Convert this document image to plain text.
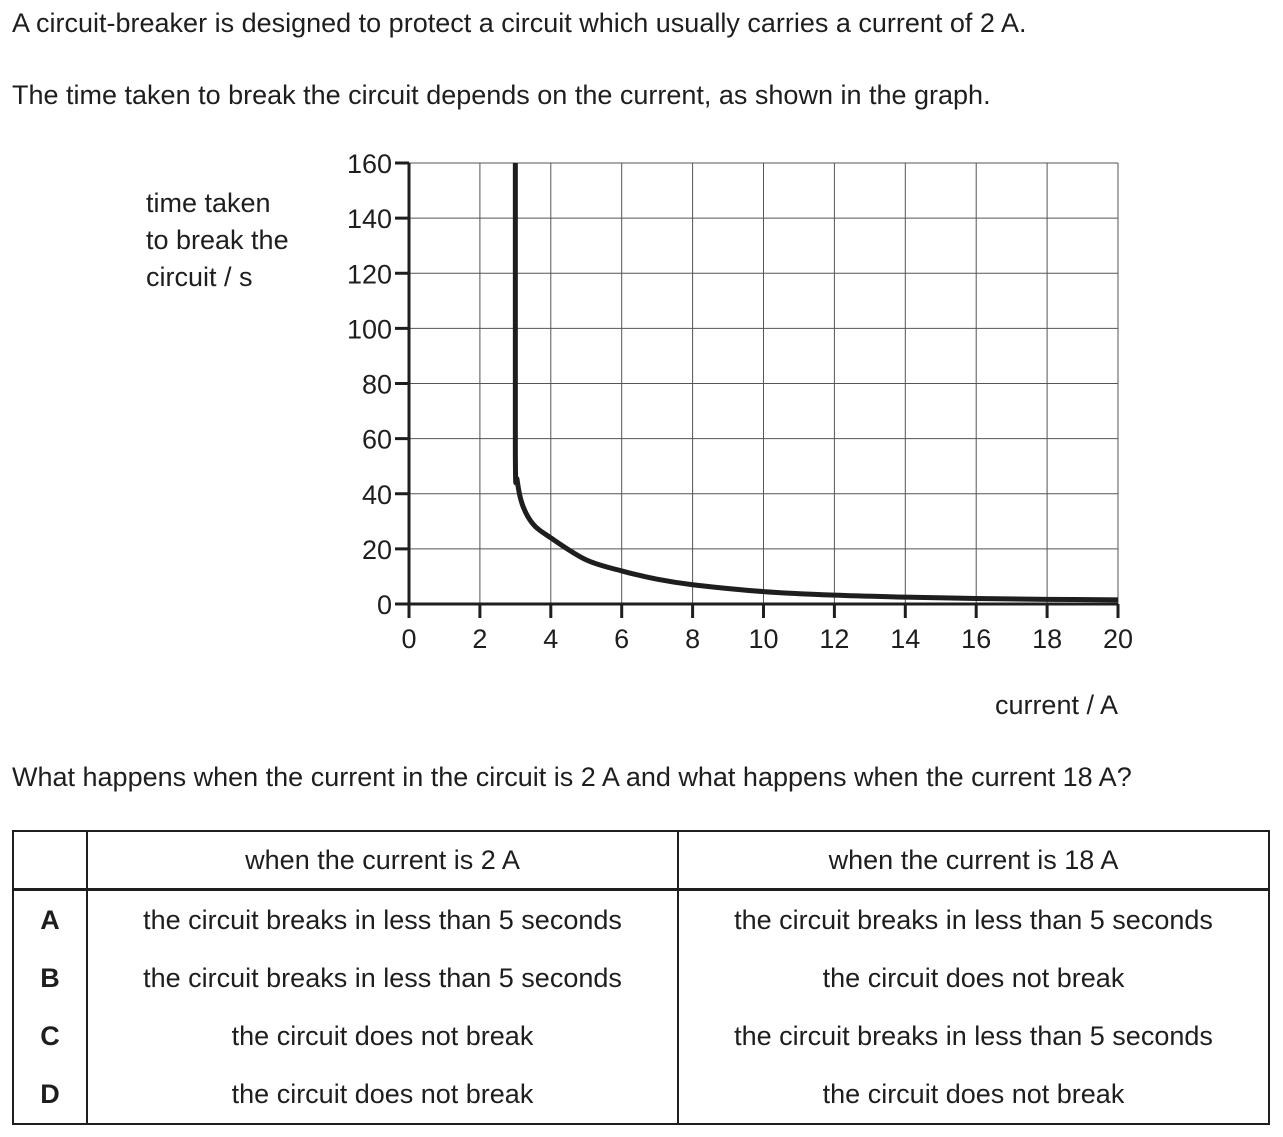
A circuit-breaker is designed to protect a circuit which usually carries a current of 2 A.

The time taken to break the circuit depends on the current, as shown in the graph.

time taken
to break the
circuit / s
0
20
40
60
80
100
120
140
160
0 2 4 6 8 10 12 14 16 18 20
current / A

What happens when the current in the circuit is 2 A and what happens when the current 18 A?

	when the current is 2 A	when the current is 18 A
A	the circuit breaks in less than 5 seconds	the circuit breaks in less than 5 seconds
B	the circuit breaks in less than 5 seconds	the circuit does not break
C	the circuit does not break	the circuit breaks in less than 5 seconds
D	the circuit does not break	the circuit does not break
